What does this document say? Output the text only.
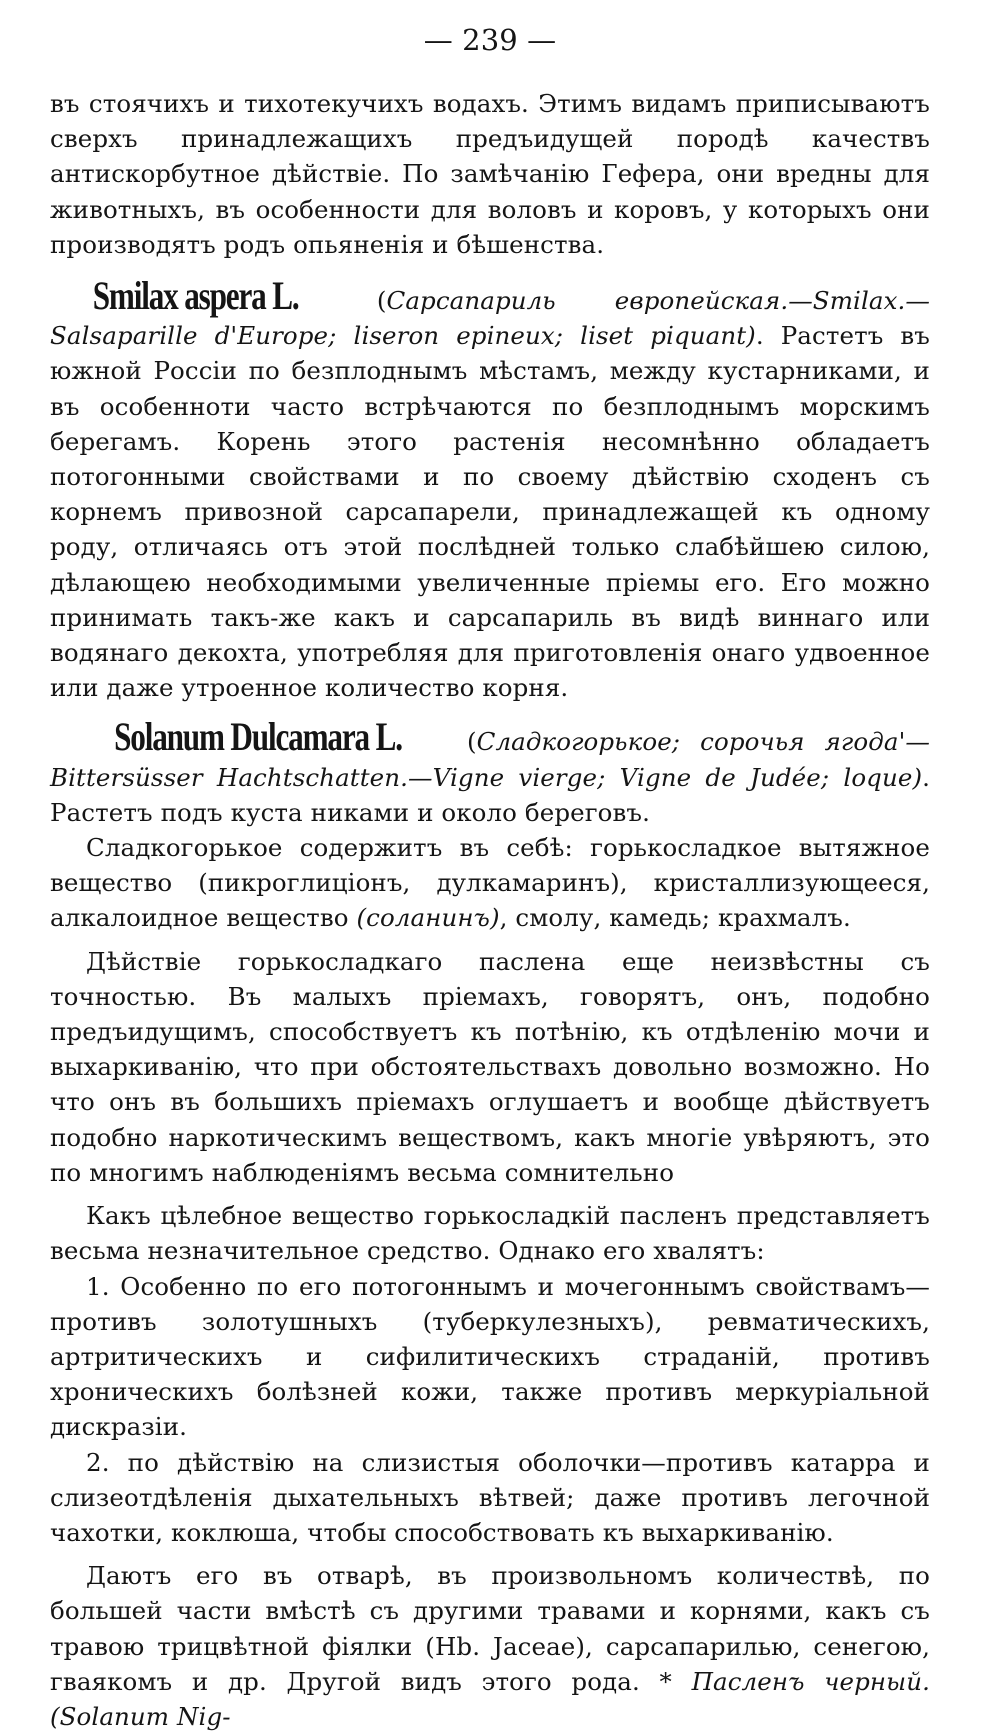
— 239 —

въ стоячихъ и тихотекучихъ водахъ. Этимъ видамъ приписываютъ сверхъ принадлежащихъ предъидущей породѣ качествъ антискорбутное дѣйствіе. По замѣчанію Гефера, они вредны для животныхъ, въ особенности для воловъ и коровъ, у которыхъ они производятъ родъ опьяненія и бѣшенства.

Smilax aspera L. (Сарсапариль европейская.—Smilax.—Salsaparille d'Europe; liseron epineux; liset piquant). Растетъ въ южной Россіи по безплоднымъ мѣстамъ, между кустарниками, и въ особенноти часто встрѣчаются по безплоднымъ морскимъ берегамъ. Корень этого растенія несомнѣнно обладаетъ потогонными свойствами и по своему дѣйствію сходенъ съ корнемъ привозной сарсапарели, принадлежащей къ одному роду, отличаясь отъ этой послѣдней только слабѣйшею силою, дѣлающею необходимыми увеличенные пріемы его. Его можно принимать такъ-же какъ и сарсапариль въ видѣ виннаго или водянаго декохта, употребляя для приготовленія онаго удвоенное или даже утроенное количество корня.

Solanum Dulcamara L. (Сладкогорькое; сорочья ягода'—Bittersüsser Hachtschatten.—Vigne vierge; Vigne de Judée; loque). Растетъ подъ куста никами и около береговъ.

Сладкогорькое содержитъ въ себѣ: горькосладкое вытяжное вещество (пикроглиціонъ, дулкамаринъ), кристаллизующееся, алкалоидное вещество (соланинъ), смолу, камедь; крахмалъ.

Дѣйствіе горькосладкаго паслена еще неизвѣстны съ точностью. Въ малыхъ пріемахъ, говорятъ, онъ, подобно предъидущимъ, способствуетъ къ потѣнію, къ отдѣленію мочи и выхаркиванію, что при обстоятельствахъ довольно возможно. Но что онъ въ большихъ пріемахъ оглушаетъ и вообще дѣйствуетъ подобно наркотическимъ веществомъ, какъ многіе увѣряютъ, это по многимъ наблюденіямъ весьма сомнительно

Какъ цѣлебное вещество горькосладкій пасленъ представляетъ весьма незначительное средство. Однако его хвалятъ:

1. Особенно по его потогоннымъ и мочегоннымъ свойствамъ— противъ золотушныхъ (туберкулезныхъ), ревматическихъ, артритическихъ и сифилитическихъ страданій, противъ хроническихъ болѣзней кожи, также противъ меркуріальной дискразіи.

2. по дѣйствію на слизистыя оболочки—противъ катарра и слизеотдѣленія дыхательныхъ вѣтвей; даже противъ легочной чахотки, коклюша, чтобы способствовать къ выхаркиванію.

Даютъ его въ отварѣ, въ произвольномъ количествѣ, по большей части вмѣстѣ съ другими травами и корнями, какъ съ травою трицвѣтной фіялки (Hb. Jaceae), сарсапарилью, сенегою, гваякомъ и др. Другой видъ этого рода. * Пасленъ черный. (Solanum Nig-
